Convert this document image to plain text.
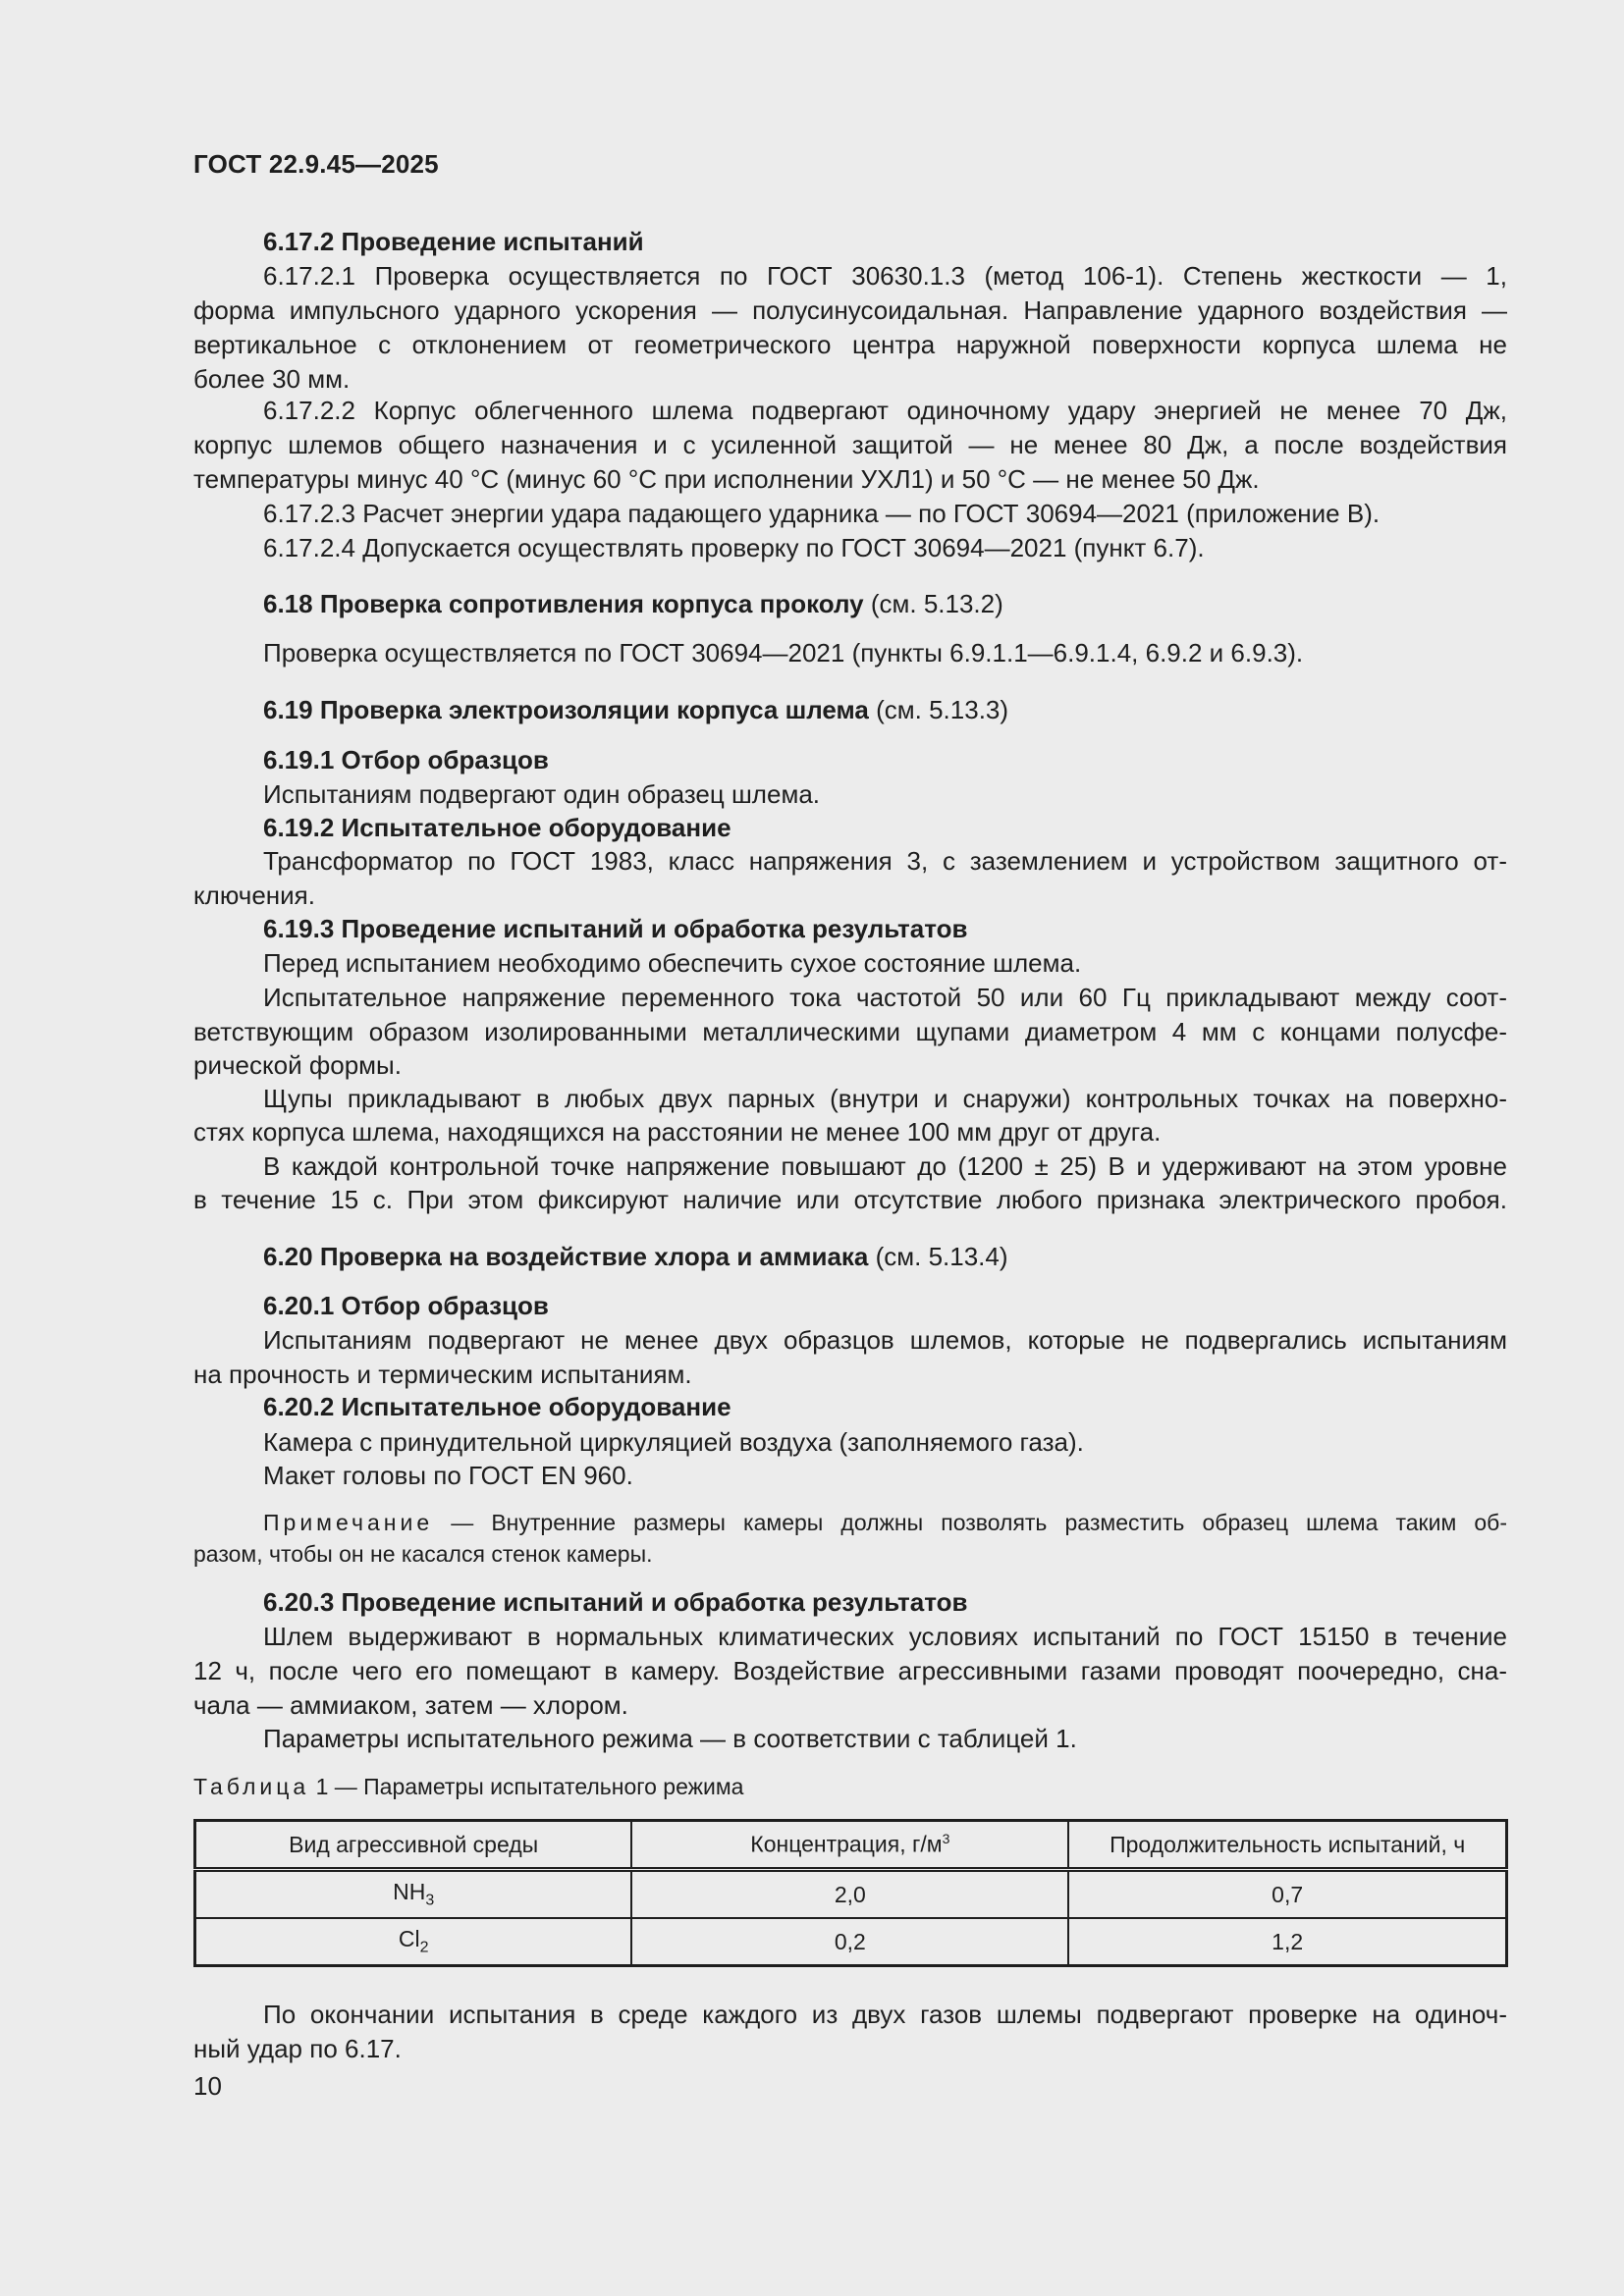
ГОСТ 22.9.45—2025
6.17.2 Проведение испытаний
6.17.2.1 Проверка осуществляется по ГОСТ 30630.1.3 (метод 106-1). Степень жесткости — 1,
форма импульсного ударного ускорения — полусинусоидальная. Направление ударного воздействия —
вертикальное с отклонением от геометрического центра наружной поверхности корпуса шлема не
более 30 мм.
6.17.2.2 Корпус облегченного шлема подвергают одиночному удару энергией не менее 70 Дж,
корпус шлемов общего назначения и с усиленной защитой — не менее 80 Дж, а после воздействия
температуры минус 40 °С (минус 60 °С при исполнении УХЛ1) и 50 °С — не менее 50 Дж.
6.17.2.3 Расчет энергии удара падающего ударника — по ГОСТ 30694—2021 (приложение В).
6.17.2.4 Допускается осуществлять проверку по ГОСТ 30694—2021 (пункт 6.7).
6.18 Проверка сопротивления корпуса проколу (см. 5.13.2)
Проверка осуществляется по ГОСТ 30694—2021 (пункты 6.9.1.1—6.9.1.4, 6.9.2 и 6.9.3).
6.19 Проверка электроизоляции корпуса шлема (см. 5.13.3)
6.19.1 Отбор образцов
Испытаниям подвергают один образец шлема.
6.19.2 Испытательное оборудование
Трансформатор по ГОСТ 1983, класс напряжения 3, с заземлением и устройством защитного от-
ключения.
6.19.3 Проведение испытаний и обработка результатов
Перед испытанием необходимо обеспечить сухое состояние шлема.
Испытательное напряжение переменного тока частотой 50 или 60 Гц прикладывают между соот-
ветствующим образом изолированными металлическими щупами диаметром 4 мм с концами полусфе-
рической формы.
Щупы прикладывают в любых двух парных (внутри и снаружи) контрольных точках на поверхно-
стях корпуса шлема, находящихся на расстоянии не менее 100 мм друг от друга.
В каждой контрольной точке напряжение повышают до (1200 ± 25) В и удерживают на этом уровне
в течение 15 с. При этом фиксируют наличие или отсутствие любого признака электрического пробоя.
6.20 Проверка на воздействие хлора и аммиака (см. 5.13.4)
6.20.1 Отбор образцов
Испытаниям подвергают не менее двух образцов шлемов, которые не подвергались испытаниям
на прочность и термическим испытаниям.
6.20.2 Испытательное оборудование
Камера с принудительной циркуляцией воздуха (заполняемого газа).
Макет головы по ГОСТ EN 960.
Примечание — Внутренние размеры камеры должны позволять разместить образец шлема таким об-
разом, чтобы он не касался стенок камеры.
6.20.3 Проведение испытаний и обработка результатов
Шлем выдерживают в нормальных климатических условиях испытаний по ГОСТ 15150 в течение
12 ч, после чего его помещают в камеру. Воздействие агрессивными газами проводят поочередно, сна-
чала — аммиаком, затем — хлором.
Параметры испытательного режима — в соответствии с таблицей 1.
Таблица 1 — Параметры испытательного режима
Вид агрессивной среды	Концентрация, $г/м^3$	Продолжительность испытаний, ч
$NH_3$	2,0	0,7
$Cl_2$	0,2	1,2
По окончании испытания в среде каждого из двух газов шлемы подвергают проверке на одиноч-
ный удар по 6.17.
10
